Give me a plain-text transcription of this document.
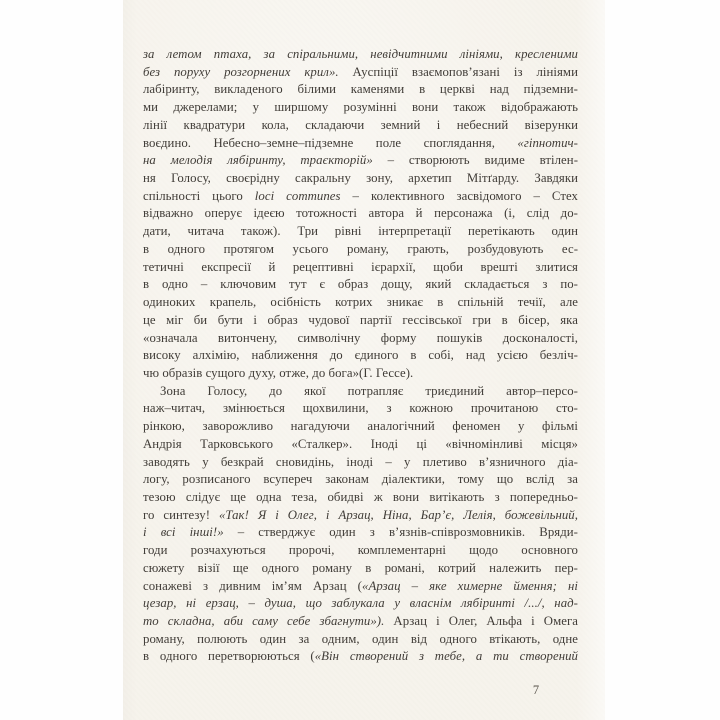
за летом птаха, за спіральними, невідчитними лініями, кресленими
без поруху розгорнених крил». Ауспіції взаємопов’язані із лініями
лабіринту, викладеного білими каменями в церкві над підземни-
ми джерелами; у ширшому розумінні вони також відображають
лінії квадратури кола, складаючи земний і небесний візерунки
воєдино. Небесно–земне–підземне поле споглядання, «гіпнотич-
на мелодія лябіринту, траєкторій» – створюють видиме втілен-
ня Голосу, своєрідну сакральну зону, архетип Мітґарду. Завдяки
спільності цього loci communes – колективного засвідомого – Стех
відважно оперує ідеєю тотожності автора й персонажа (і, слід до-
дати, читача також). Три рівні інтерпретації перетікають один
в одного протягом усього роману, грають, розбудовують ес-
тетичні експресії й рецептивні ієрархії, щоби врешті злитися
в одно – ключовим тут є образ дощу, який складається з по-
одиноких крапель, осібність котрих зникає в спільній течії, але
це міг би бути і образ чудової партії гессівської гри в бісер, яка
«означала витончену, символічну форму пошуків досконалості,
високу алхімію, наближення до єдиного в собі, над усією безліч-
чю образів сущого духу, отже, до бога»(Г. Гессе).
Зона Голосу, до якої потрапляє триєдиний автор–персо-
наж–читач, змінюється щохвилини, з кожною прочитаною сто-
рінкою, заворожливо нагадуючи аналогічний феномен у фільмі
Андрія Тарковського «Сталкер». Іноді ці «вічномінливі місця»
заводять у безкрай сновидінь, іноді – у плетиво в’язничного діа-
логу, розписаного всупереч законам діалектики, тому що вслід за
тезою слідує ще одна теза, обидві ж вони витікають з попередньо-
го синтезу! «Так! Я і Олег, і Арзац, Ніна, Бар’є, Лелія, божевільний,
і всі інші!» – стверджує один з в’язнів-співрозмовників. Вряди-
годи розчахуються пророчі, комплементарні щодо основного
сюжету візії ще одного роману в романі, котрий належить пер-
сонажеві з дивним ім’ям Арзац («Арзац – яке химерне ймення; ні
цезар, ні ерзац, – душа, що заблукала у власнім лябіринті /.../, над-
то складна, аби саму себе збагнути»). Арзац і Олег, Альфа і Омега
роману, полюють один за одним, один від одного втікають, одне
в одного перетворюються («Він створений з тебе, а ти створений
7
